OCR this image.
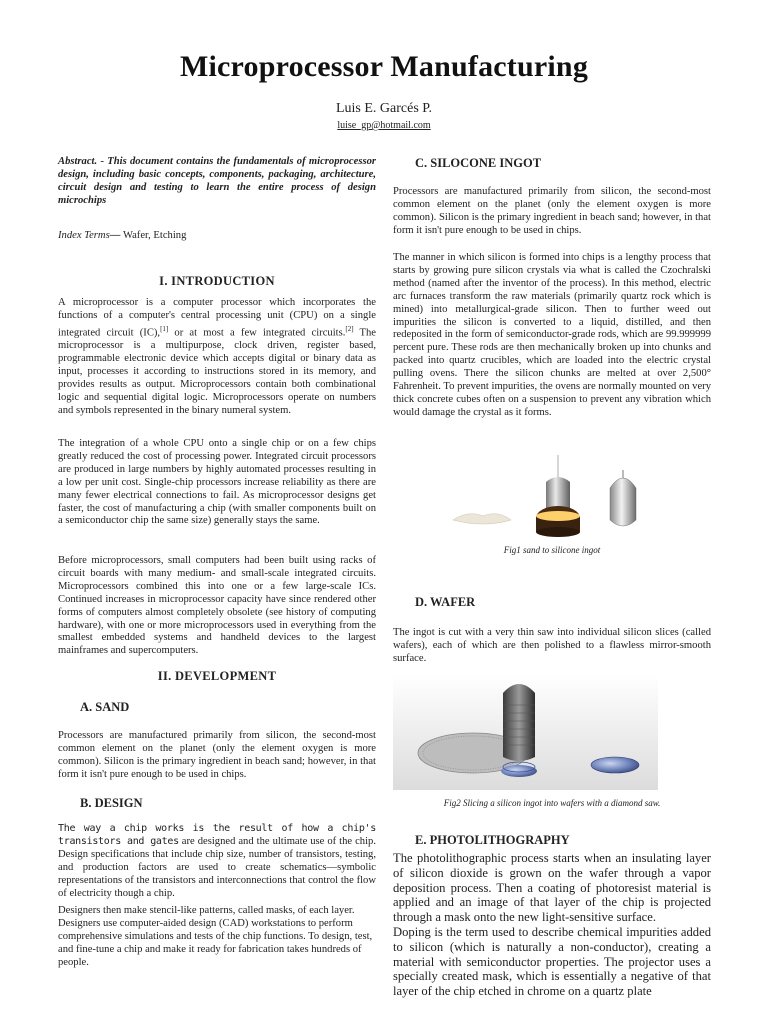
Microprocessor Manufacturing
Luis E. Garcés P.
luise_gp@hotmail.com
Abstract. - This document contains the fundamentals of microprocessor design, including basic concepts, components, packaging, architecture, circuit design and testing to learn the entire process of design microchips
Index Terms— Wafer, Etching
I. INTRODUCTION
A microprocessor is a computer processor which incorporates the functions of a computer's central processing unit (CPU) on a single integrated circuit (IC),[1] or at most a few integrated circuits.[2] The microprocessor is a multipurpose, clock driven, register based, programmable electronic device which accepts digital or binary data as input, processes it according to instructions stored in its memory, and provides results as output. Microprocessors contain both combinational logic and sequential digital logic. Microprocessors operate on numbers and symbols represented in the binary numeral system.
The integration of a whole CPU onto a single chip or on a few chips greatly reduced the cost of processing power. Integrated circuit processors are produced in large numbers by highly automated processes resulting in a low per unit cost. Single-chip processors increase reliability as there are many fewer electrical connections to fail. As microprocessor designs get faster, the cost of manufacturing a chip (with smaller components built on a semiconductor chip the same size) generally stays the same.
Before microprocessors, small computers had been built using racks of circuit boards with many medium- and small-scale integrated circuits. Microprocessors combined this into one or a few large-scale ICs. Continued increases in microprocessor capacity have since rendered other forms of computers almost completely obsolete (see history of computing hardware), with one or more microprocessors used in everything from the smallest embedded systems and handheld devices to the largest mainframes and supercomputers.
II. DEVELOPMENT
A. SAND
Processors are manufactured primarily from silicon, the second-most common element on the planet (only the element oxygen is more common). Silicon is the primary ingredient in beach sand; however, in that form it isn't pure enough to be used in chips.
B. DESIGN
The way a chip works is the result of how a chip's transistors and gates are designed and the ultimate use of the chip. Design specifications that include chip size, number of transistors, testing, and production factors are used to create schematics—symbolic representations of the transistors and interconnections that control the flow of electricity though a chip.
Designers then make stencil-like patterns, called masks, of each layer. Designers use computer-aided design (CAD) workstations to perform comprehensive simulations and tests of the chip functions. To design, test, and fine-tune a chip and make it ready for fabrication takes hundreds of people.
C. SILOCONE INGOT
Processors are manufactured primarily from silicon, the second-most common element on the planet (only the element oxygen is more common). Silicon is the primary ingredient in beach sand; however, in that form it isn't pure enough to be used in chips.
The manner in which silicon is formed into chips is a lengthy process that starts by growing pure silicon crystals via what is called the Czochralski method (named after the inventor of the process). In this method, electric arc furnaces transform the raw materials (primarily quartz rock which is mined) into metallurgical-grade silicon. Then to further weed out impurities the silicon is converted to a liquid, distilled, and then redeposited in the form of semiconductor-grade rods, which are 99.999999 percent pure. These rods are then mechanically broken up into chunks and packed into quartz crucibles, which are loaded into the electric crystal pulling ovens. There the silicon chunks are melted at over 2,500° Fahrenheit. To prevent impurities, the ovens are normally mounted on very thick concrete cubes often on a suspension to prevent any vibration which would damage the crystal as it forms.
Fig1 sand to silicone ingot
D. WAFER
The ingot is cut with a very thin saw into individual silicon slices (called wafers), each of which are then polished to a flawless mirror-smooth surface.
Fig2 Slicing a silicon ingot into wafers with a diamond saw.
E. PHOTOLITHOGRAPHY
The photolithographic process starts when an insulating layer of silicon dioxide is grown on the wafer through a vapor deposition process. Then a coating of photoresist material is applied and an image of that layer of the chip is projected through a mask onto the new light-sensitive surface.
Doping is the term used to describe chemical impurities added to silicon (which is naturally a non-conductor), creating a material with semiconductor properties. The projector uses a specially created mask, which is essentially a negative of that layer of the chip etched in chrome on a quartz plate
